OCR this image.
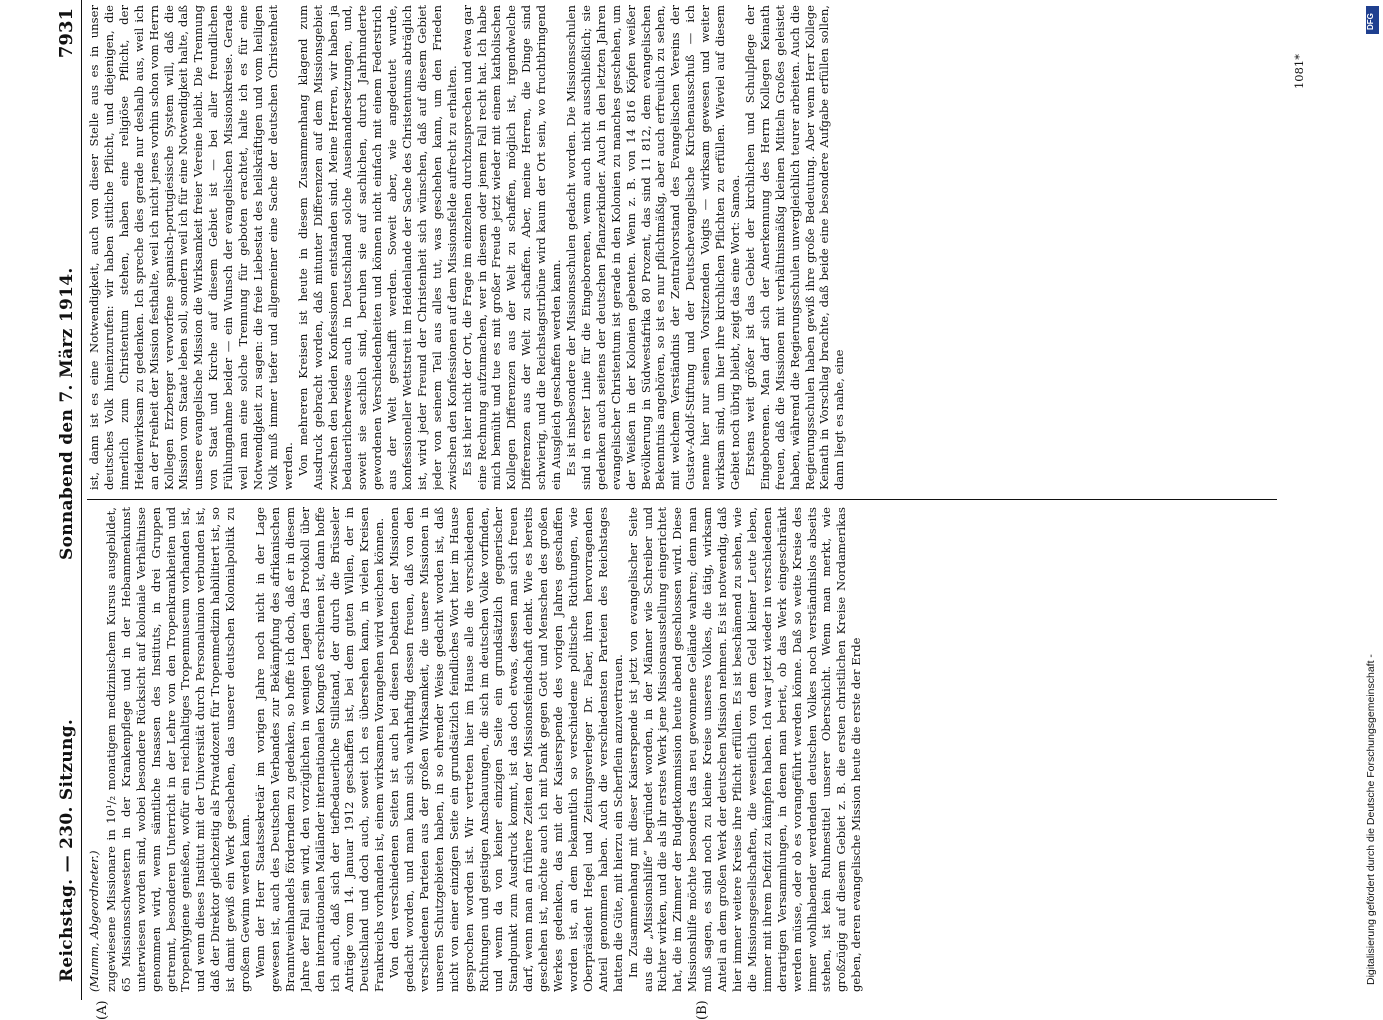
Reichstag. — 230. Sitzung.
Sonnabend den 7. März 1914.
7931
(A)	(B)

(Mumm, Abgeordneter.) zugewiesene Missionare in 10¹/₂ monatigem medizinischem Kursus ausgebildet, 65 Missionsschwestern in der Krankenpflege und in der Hebammenkunst unterwiesen worden sind, wobei besondere Rücksicht auf koloniale Verhältnisse genommen wird, wenn sämtliche Insassen des Instituts, in drei Gruppen getrennt, besonderen Unterricht in der Lehre von den Tropenkrankheiten und Tropenhygiene genießen, wofür ein reichhaltiges Tropenmuseum vorhanden ist, und wenn dieses Institut mit der Universität durch Personalunion verbunden ist, daß der Direktor gleichzeitig als Privatdozent für Tropenmedizin habilitiert ist, so ist damit gewiß ein Werk geschehen, das unserer deutschen Kolonialpolitik zu großem Gewinn werden kann. Wenn der Herr Staatssekretär im vorigen Jahre noch nicht in der Lage gewesen ist, auch des Deutschen Verbandes zur Bekämpfung des afrikanischen Branntweinhandels förderndem zu gedenken, so hoffe ich doch, daß er in diesem Jahre der Fall sein wird, den vorzüglichen in wenigen Lagen das Protokoll über den internationalen Mailänder internationalen Kongreß erschienen ist, dann hoffe ich auch, daß sich der tiefbedauerliche Stillstand, der durch die Brüsseler Anträge vom 14. Januar 1912 geschaffen ist, bei dem guten Willen, der in Deutschland und doch auch, soweit ich es übersehen kann, in vielen Kreisen Frankreichs vorhanden ist, einem wirksamen Vorangehen wird weichen können. Von den verschiedenen Seiten ist auch bei diesen Debatten der Missionen gedacht worden, und man kann sich wahrhaftig dessen freuen, daß von den verschiedenen Parteien aus der großen Wirksamkeit, die unsere Missionen in unseren Schutzgebieten haben, in so ehrender Weise gedacht worden ist, daß nicht von einer einzigen Seite ein grundsätzlich feindliches Wort hier im Hause gesprochen worden ist. Wir vertreten hier im Hause alle die verschiedenen Richtungen und geistigen Anschauungen, die sich im deutschen Volke vorfinden, und wenn da von keiner einzigen Seite ein grundsätzlich gegnerischer Standpunkt zum Ausdruck kommt, ist das doch etwas, dessen man sich freuen darf, wenn man an frühere Zeiten der Missionsfeindschaft denkt. Wie es bereits geschehen ist, möchte auch ich mit Dank gegen Gott und Menschen des großen Werkes gedenken, das mit der Kaiserspende des vorigen Jahres geschaffen worden ist, an dem bekanntlich so verschiedene politische Richtungen, wie Oberpräsident Hegel und Zeitungsverleger Dr. Faber, ihren hervorragenden Anteil genommen haben. Auch die verschiedensten Parteien des Reichstages hatten die Güte, mit hierzu ein Scherflein anzuvertrauen. Im Zusammenhang mit dieser Kaiserspende ist jetzt von evangelischer Seite aus die „Missionshilfe“ begründet worden, in der Männer wie Schreiber und Richter wirken, und die als ihr erstes Werk jene Missionsausstellung eingerichtet hat, die im Zimmer der Budgetkommission heute abend geschlossen wird. Diese Missionshilfe möchte besonders das neu gewonnene Gelände wahren; denn man muß sagen, es sind noch zu kleine Kreise unseres Volkes, die tätig, wirksam Anteil an dem großen Werk der deutschen Mission nehmen. Es ist notwendig, daß hier immer weitere Kreise ihre Pflicht erfüllen. Es ist beschämend zu sehen, wie die Missionsgesellschaften, die wesentlich von dem Geld kleiner Leute leben, immer mit ihrem Defizit zu kämpfen haben. Ich war jetzt wieder in verschiedenen derartigen Versammlungen, in denen man beriet, ob das Werk eingeschränkt werden müsse, oder ob es vorangeführt werden könne. Daß so weite Kreise des immer wohlhabender werdenden deutschen Volkes noch verständnislos abseits stehen, ist kein Ruhmestitel unserer Oberschicht. Wenn man merkt, wie großzügig auf diesem Gebiet z. B. die ersten christlichen Kreise Nordamerikas geben, deren evangelische Mission heute die erste der Erde

ist, dann ist es eine Notwendigkeit, auch von dieser Stelle aus es in unser deutsches Volk hineinzurufen: wir haben sittliche Pflicht, und diejenigen, die innerlich zum Christentum stehen, haben eine religiöse Pflicht, der Heidenwirksam zu gedenken. Ich spreche dies gerade nur deshalb aus, weil ich an der Freiheit der Mission festhalte, weil ich nicht jenes vorhin schon vom Herrn Kollegen Erzberger verworfene spanisch-portugiesische System will, daß die Mission vom Staate leben soll, sondern weil ich für eine Notwendigkeit halte, daß unsere evangelische Mission die Wirksamkeit freier Vereine bleibt. Die Trennung von Staat und Kirche auf diesem Gebiet ist — bei aller freundlichen Fühlungnahme beider — ein Wunsch der evangelischen Missionskreise. Gerade weil man eine solche Trennung für geboten erachtet, halte ich es für eine Notwendigkeit zu sagen: die freie Liebestat des heilskräftigen und vom heiligen Volk muß immer tiefer und allgemeiner eine Sache der deutschen Christenheit werden. Von mehreren Kreisen ist heute in diesem Zusammenhang klagend zum Ausdruck gebracht worden, daß mitunter Differenzen auf dem Missionsgebiet zwischen den beiden Konfessionen entstanden sind. Meine Herren, wir haben ja bedauerlicherweise auch in Deutschland solche Auseinandersetzungen, und, soweit sie sachlich sind, beruhen sie auf sachlichen, durch Jahrhunderte gewordenen Verschiedenheiten und können nicht einfach mit einem Federstrich aus der Welt geschafft werden. Soweit aber, wie angedeutet wurde, konfessioneller Wettstreit im Heidenlande der Sache des Christentums abträglich ist, wird jeder Freund der Christenheit sich wünschen, daß auf diesem Gebiet jeder von seinem Teil aus alles tut, was geschehen kann, um den Frieden zwischen den Konfessionen auf dem Missionsfelde aufrecht zu erhalten. Es ist hier nicht der Ort, die Frage im einzelnen durchzusprechen und etwa gar eine Rechnung aufzumachen, wer in diesem oder jenem Fall recht hat. Ich habe mich bemüht und tue es mit großer Freude jetzt wieder mit einem katholischen Kollegen Differenzen aus der Welt zu schaffen, möglich ist, irgendwelche Differenzen aus der Welt zu schaffen. Aber, meine Herren, die Dinge sind schwierig, und die Reichstagstribüne wird kaum der Ort sein, wo fruchtbringend ein Ausgleich geschaffen werden kann. Es ist insbesondere der Missionsschulen gedacht worden. Die Missionsschulen sind in erster Linie für die Eingeborenen, wenn auch nicht ausschließlich; sie gedenken auch seitens der deutschen Pflanzerkinder. Auch in den letzten Jahren evangelischer Christentum ist gerade in den Kolonien zu manches geschehen, um der Weißen in der Kolonien gebenten. Wenn z. B. von 14 816 Köpfen weißer Bevölkerung in Südwestafrika 80 Prozent, das sind 11 812, dem evangelischen Bekenntnis angehören, so ist es nur pflichtmäßig, aber auch erfreulich zu sehen, mit welchem Verständnis der Zentralvorstand des Evangelischen Vereins der Gustav-Adolf-Stiftung und der Deutschevangelische Kirchenausschuß — ich nenne hier nur seinen Vorsitzenden Voigts — wirksam gewesen und weiter wirksam sind, um hier ihre kirchlichen Pflichten zu erfüllen. Wieviel auf diesem Gebiet noch übrig bleibt, zeigt das eine Wort: Samoa. Erstens weit größer ist das Gebiet der kirchlichen und Schulpflege der Eingeborenen. Man darf sich der Anerkennung des Herrn Kollegen Keinath freuen, daß die Missionen mit verhältnismäßig kleinen Mitteln Großes geleistet haben, während die Regierungsschulen unvergleichlich teurer arbeiten. Auch die Regierungsschulen haben gewiß ihre große Bedeutung. Aber wenn Herr Kollege Keinath in Vorschlag brachte, daß beide eine besondere Aufgabe erfüllen sollen, dann liegt es nahe, eine

1081*
Digitalisierung gefördert durch die Deutsche Forschungsgemeinschaft -
DFG
